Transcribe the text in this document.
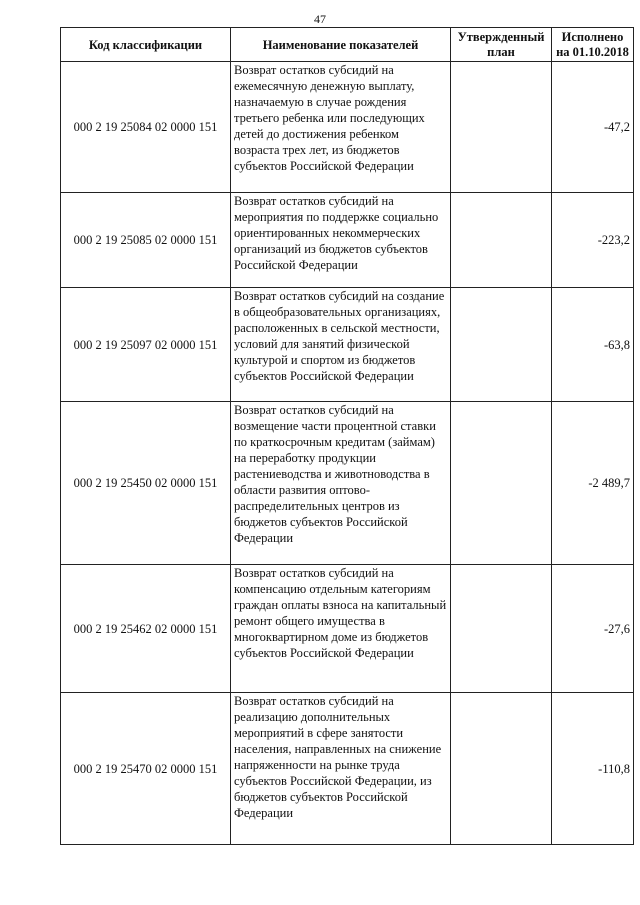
47
Код классификации	Наименование показателей	Утвержденный план	Исполнено на 01.10.2018
000 2 19 25084 02 0000 151	Возврат остатков субсидий на ежемесячную денежную выплату, назначаемую в случае рождения третьего ребенка или последующих детей до достижения ребенком возраста трех лет, из бюджетов субъектов Российской Федерации		-47,2
000 2 19 25085 02 0000 151	Возврат остатков субсидий на мероприятия по поддержке социально ориентированных некоммерческих организаций из бюджетов субъектов Российской Федерации		-223,2
000 2 19 25097 02 0000 151	Возврат остатков субсидий на создание в общеобразовательных организациях, расположенных в сельской местности, условий для занятий физической культурой и спортом из бюджетов субъектов Российской Федерации		-63,8
000 2 19 25450 02 0000 151	Возврат остатков субсидий на возмещение части процентной ставки по краткосрочным кредитам (займам) на переработку продукции растениеводства и животноводства в области развития оптово-распределительных центров из бюджетов субъектов Российской Федерации		-2 489,7
000 2 19 25462 02 0000 151	Возврат остатков субсидий на компенсацию отдельным категориям граждан оплаты взноса на капитальный ремонт общего имущества в многоквартирном доме из бюджетов субъектов Российской Федерации		-27,6
000 2 19 25470 02 0000 151	Возврат остатков субсидий на реализацию дополнительных мероприятий в сфере занятости населения, направленных на снижение напряженности на рынке труда субъектов Российской Федерации, из бюджетов субъектов Российской Федерации		-110,8
